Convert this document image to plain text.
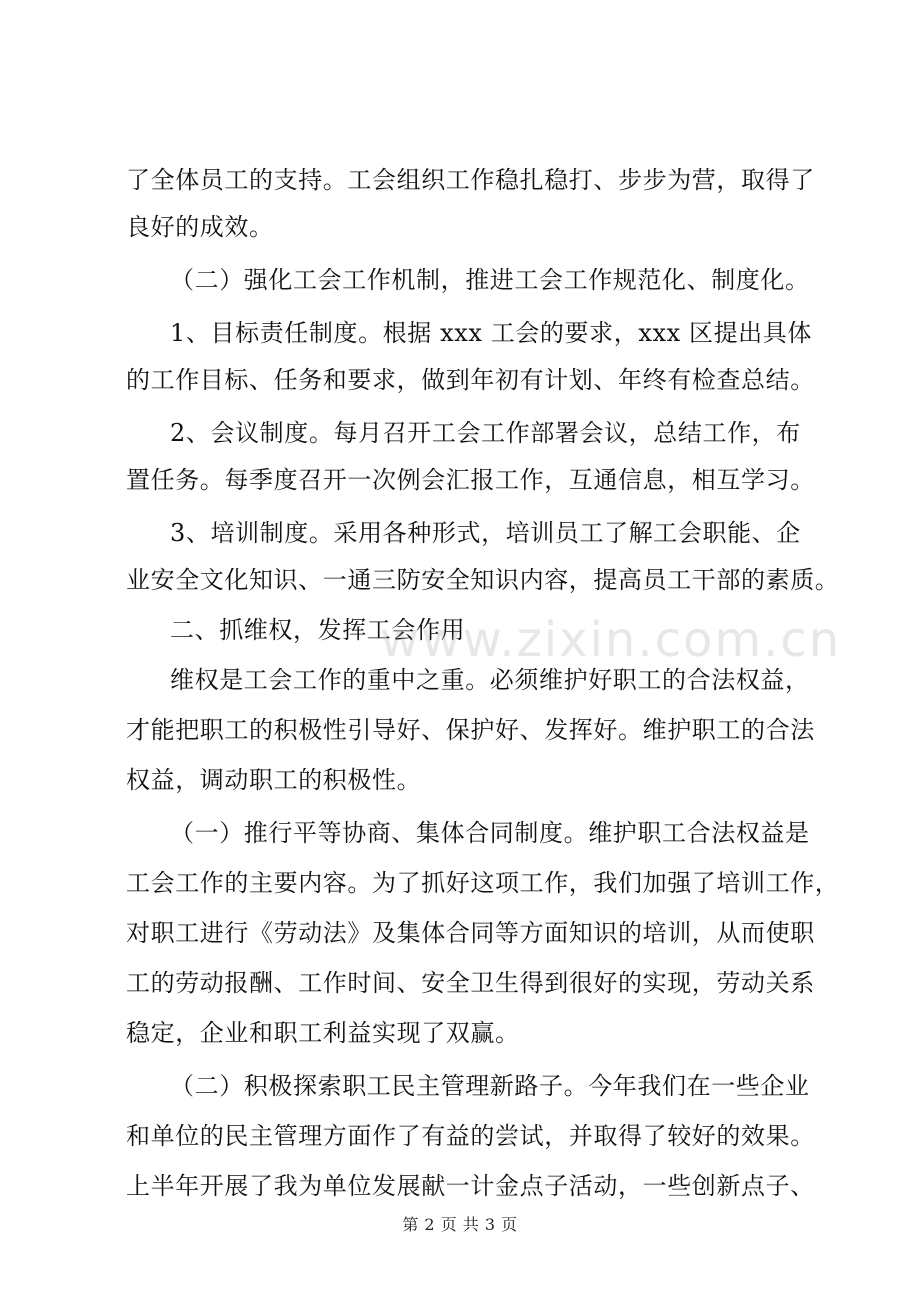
了全体员工的支持。工会组织工作稳扎稳打、步步为营，取得了
良好的成效。
（二）强化工会工作机制，推进工会工作规范化、制度化。
1、目标责任制度。根据 xxx 工会的要求，xxx 区提出具体
的工作目标、任务和要求，做到年初有计划、年终有检查总结。
2、会议制度。每月召开工会工作部署会议，总结工作，布
置任务。每季度召开一次例会汇报工作，互通信息，相互学习。
3、培训制度。采用各种形式，培训员工了解工会职能、企
业安全文化知识、一通三防安全知识内容，提高员工干部的素质。
二、抓维权，发挥工会作用
维权是工会工作的重中之重。必须维护好职工的合法权益，
才能把职工的积极性引导好、保护好、发挥好。维护职工的合法
权益，调动职工的积极性。
（一）推行平等协商、集体合同制度。维护职工合法权益是
工会工作的主要内容。为了抓好这项工作，我们加强了培训工作，
对职工进行《劳动法》及集体合同等方面知识的培训，从而使职
工的劳动报酬、工作时间、安全卫生得到很好的实现，劳动关系
稳定，企业和职工利益实现了双赢。
（二）积极探索职工民主管理新路子。今年我们在一些企业
和单位的民主管理方面作了有益的尝试，并取得了较好的效果。
上半年开展了我为单位发展献一计金点子活动，一些创新点子、
www.zixin.com.cn
第 2 页 共 3 页
